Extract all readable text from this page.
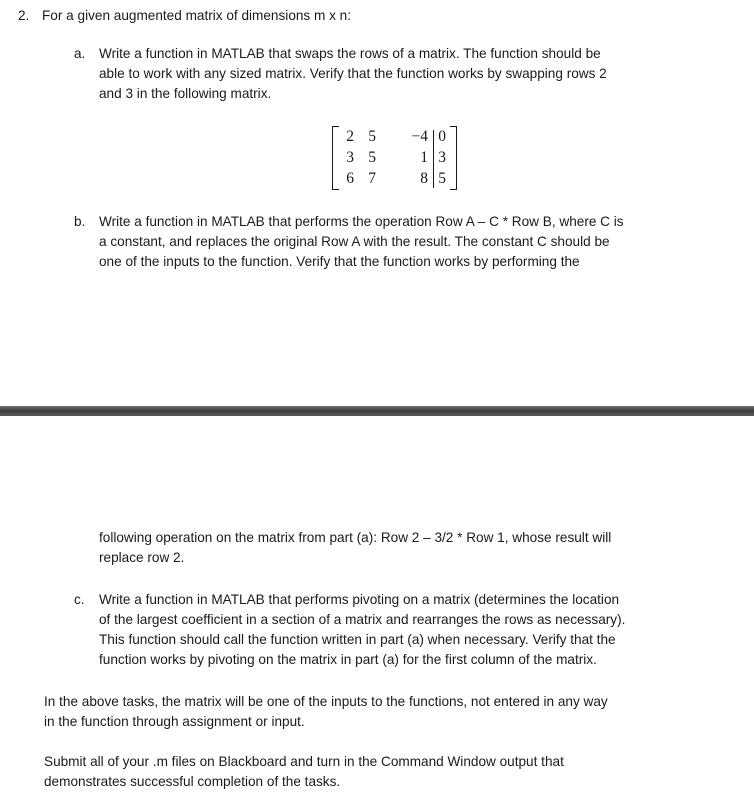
2. For a given augmented matrix of dimensions m x n:
a. Write a function in MATLAB that swaps the rows of a matrix. The function should be
able to work with any sized matrix. Verify that the function works by swapping rows 2
and 3 in the following matrix.
2 5	−4 0
3 5	1 3
6 7	8 5
b. Write a function in MATLAB that performs the operation Row A – C * Row B, where C is
a constant, and replaces the original Row A with the result. The constant C should be
one of the inputs to the function. Verify that the function works by performing the
following operation on the matrix from part (a): Row 2 – 3/2 * Row 1, whose result will
replace row 2.
c. Write a function in MATLAB that performs pivoting on a matrix (determines the location
of the largest coefficient in a section of a matrix and rearranges the rows as necessary).
This function should call the function written in part (a) when necessary. Verify that the
function works by pivoting on the matrix in part (a) for the first column of the matrix.
In the above tasks, the matrix will be one of the inputs to the functions, not entered in any way
in the function through assignment or input.
Submit all of your .m files on Blackboard and turn in the Command Window output that
demonstrates successful completion of the tasks.
